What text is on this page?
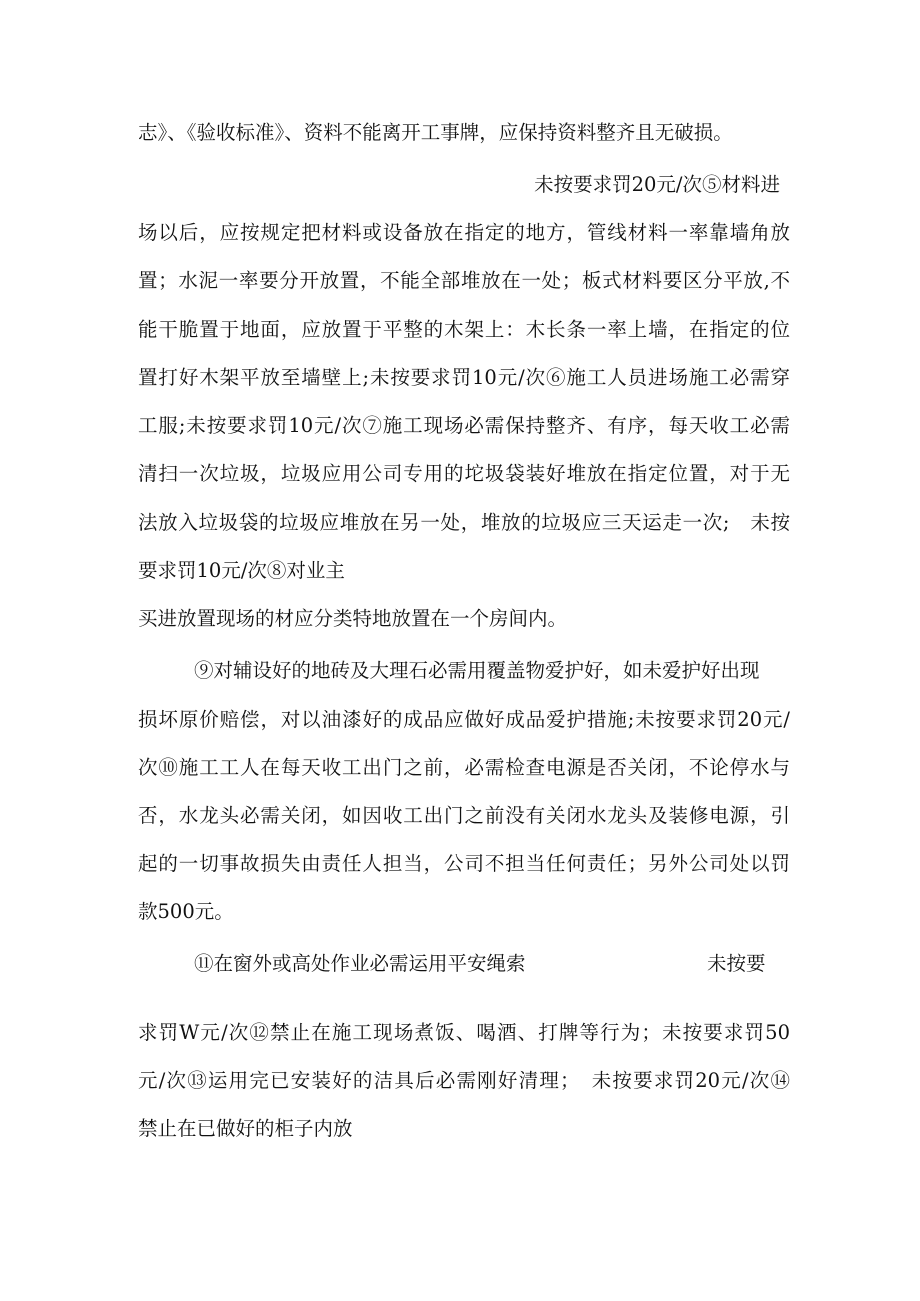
志》、《验收标准》、资料不能离开工事牌，应保持资料整齐且无破损。

未按要求罚20元/次⑤材料进

场以后，应按规定把材料或设备放在指定的地方，管线材料一率靠墙角放

置；水泥一率要分开放置，不能全部堆放在一处；板式材料要区分平放,不

能干脆置于地面，应放置于平整的木架上：木长条一率上墙，在指定的位

置打好木架平放至墙壁上;未按要求罚10元/次⑥施工人员进场施工必需穿

工服;未按要求罚10元/次⑦施工现场必需保持整齐、有序，每天收工必需

清扫一次垃圾，垃圾应用公司专用的坨圾袋装好堆放在指定位置，对于无

法放入垃圾袋的垃圾应堆放在另一处，堆放的垃圾应三天运走一次;　未按

要求罚10元/次⑧对业主

买进放置现场的材应分类特地放置在一个房间内。

⑨对辅设好的地砖及大理石必需用覆盖物爱护好，如未爱护好出现

损坏原价赔偿，对以油漆好的成品应做好成品爱护措施;未按要求罚20元/

次⑩施工工人在每天收工出门之前，必需检查电源是否关闭，不论停水与

否，水龙头必需关闭，如因收工出门之前没有关闭水龙头及装修电源，引

起的一切事故损失由责任人担当，公司不担当任何责任；另外公司处以罚

款500元。

⑪在窗外或高处作业必需运用平安绳索	未按要

求罚W元/次⑫禁止在施工现场煮饭、喝酒、打牌等行为；未按要求罚50

元/次⑬运用完已安装好的洁具后必需刚好清理；　未按要求罚20元/次⑭

禁止在已做好的柜子内放
